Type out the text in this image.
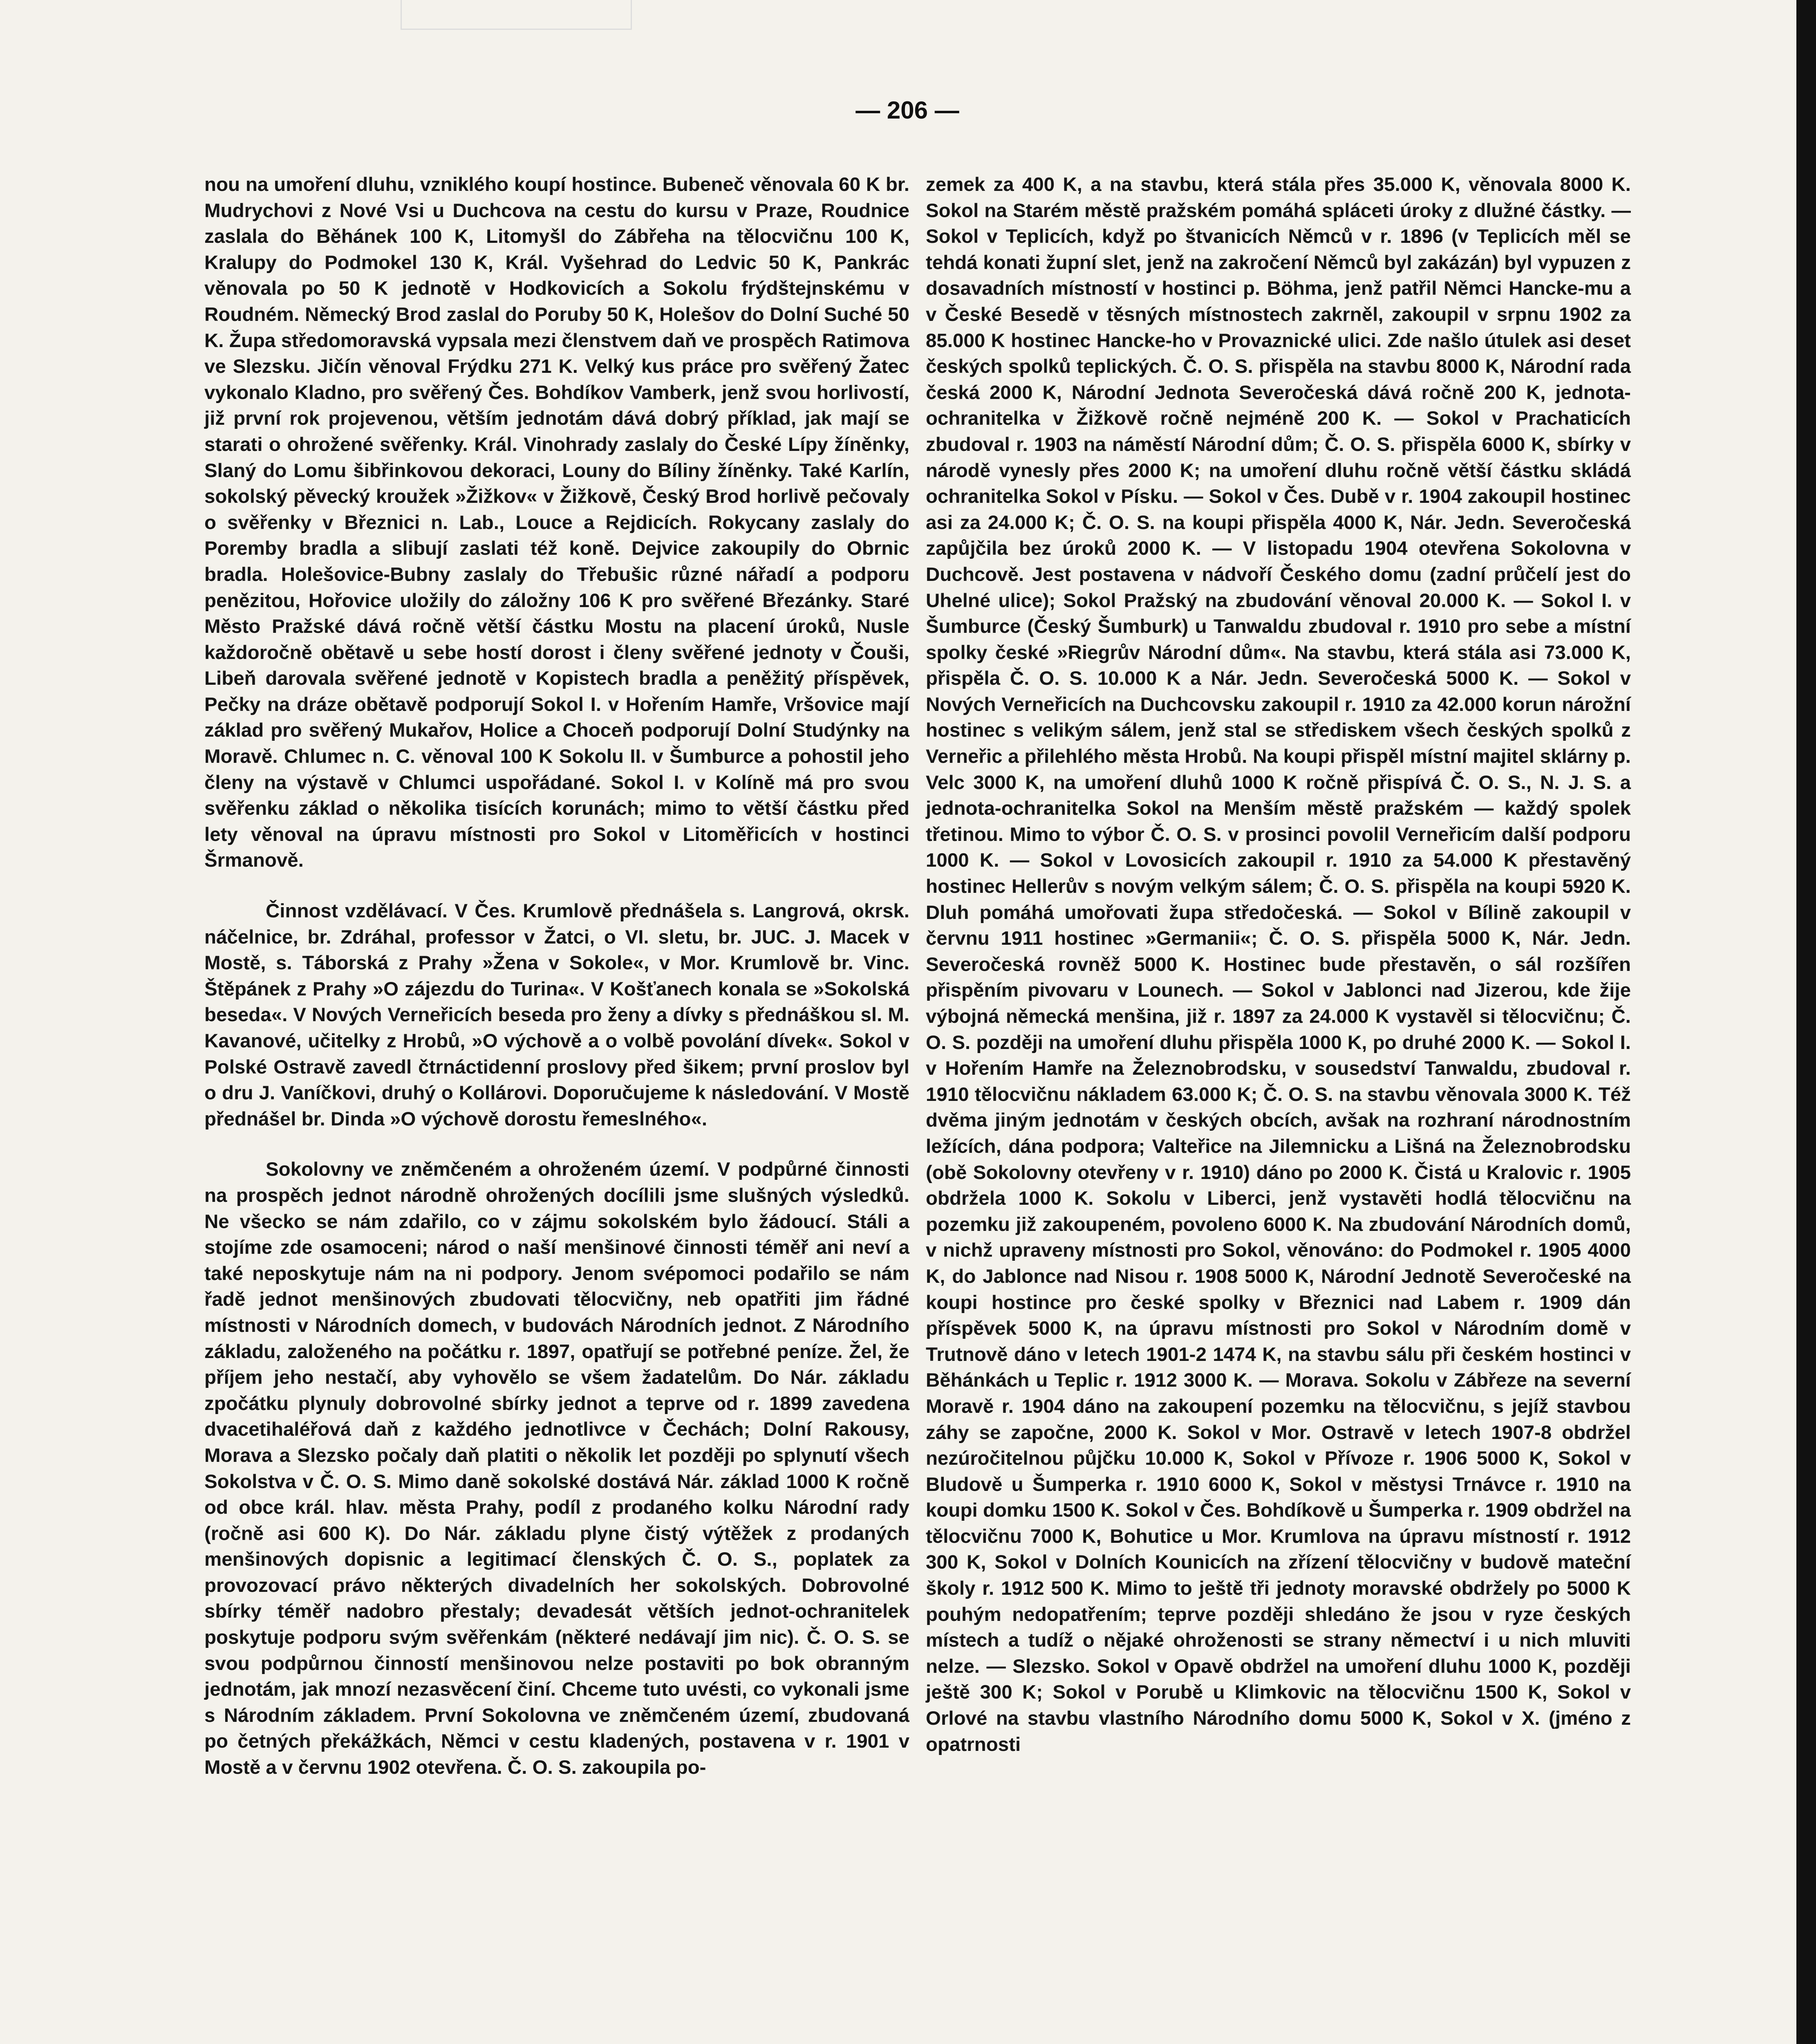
— 206 —

nou na umoření dluhu, vzniklého koupí hostince. Bubeneč věnovala 60 K br. Mudrychovi z Nové Vsi u Duchcova na cestu do kursu v Praze, Roudnice zaslala do Běhánek 100 K, Litomyšl do Zábřeha na tělocvičnu 100 K, Kralupy do Podmokel 130 K, Král. Vyšehrad do Ledvic 50 K, Pankrác věnovala po 50 K jednotě v Hodkovicích a Sokolu frýdštejnskému v Roudném. Německý Brod zaslal do Poruby 50 K, Holešov do Dolní Suché 50 K. Župa středomoravská vypsala mezi členstvem daň ve prospěch Ratimova ve Slezsku. Jičín věnoval Frýdku 271 K. Velký kus práce pro svěřený Žatec vykonalo Kladno, pro svěřený Čes. Bohdíkov Vamberk, jenž svou horlivostí, již první rok projevenou, větším jednotám dává dobrý příklad, jak mají se starati o ohrožené svěřenky. Král. Vinohrady zaslaly do České Lípy žíněnky, Slaný do Lomu šibřinkovou dekoraci, Louny do Bíliny žíněnky. Také Karlín, sokolský pěvecký kroužek »Žižkov« v Žižkově, Český Brod horlivě pečovaly o svěřenky v Březnici n. Lab., Louce a Rejdicích. Rokycany zaslaly do Poremby bradla a slibují zaslati též koně. Dejvice zakoupily do Obrnic bradla. Holešovice-Bubny zaslaly do Třebušic různé nářadí a podporu penězitou, Hořovice uložily do záložny 106 K pro svěřené Březánky. Staré Město Pražské dává ročně větší částku Mostu na placení úroků, Nusle každoročně obětavě u sebe hostí dorost i členy svěřené jednoty v Čouši, Libeň darovala svěřené jednotě v Kopistech bradla a peněžitý příspěvek, Pečky na dráze obětavě podporují Sokol I. v Hořením Hamře, Vršovice mají základ pro svěřený Mukařov, Holice a Choceň podporují Dolní Studýnky na Moravě. Chlumec n. C. věnoval 100 K Sokolu II. v Šumburce a pohostil jeho členy na výstavě v Chlumci uspořádané. Sokol I. v Kolíně má pro svou svěřenku základ o několika tisících korunách; mimo to větší částku před lety věnoval na úpravu místnosti pro Sokol v Litoměřicích v hostinci Šrmanově.

Činnost vzdělávací. V Čes. Krumlově přednášela s. Langrová, okrsk. náčelnice, br. Zdráhal, professor v Žatci, o VI. sletu, br. JUC. J. Macek v Mostě, s. Táborská z Prahy »Žena v Sokole«, v Mor. Krumlově br. Vinc. Štěpánek z Prahy »O zájezdu do Turina«. V Košťanech konala se »Sokolská beseda«. V Nových Verneřicích beseda pro ženy a dívky s přednáškou sl. M. Kavanové, učitelky z Hrobů, »O výchově a o volbě povolání dívek«. Sokol v Polské Ostravě zavedl čtrnáctidenní proslovy před šikem; první proslov byl o dru J. Vaníčkovi, druhý o Kollárovi. Doporučujeme k následování. V Mostě přednášel br. Dinda »O výchově dorostu řemeslného«.

Sokolovny ve zněmčeném a ohroženém území. V podpůrné činnosti na prospěch jednot národně ohrožených docílili jsme slušných výsledků. Ne všecko se nám zdařilo, co v zájmu sokolském bylo žádoucí. Stáli a stojíme zde osamoceni; národ o naší menšinové činnosti téměř ani neví a také neposkytuje nám na ni podpory. Jenom svépomoci podařilo se nám řadě jednot menšinových zbudovati tělocvičny, neb opatřiti jim řádné místnosti v Národních domech, v budovách Národních jednot. Z Národního základu, založeného na počátku r. 1897, opatřují se potřebné peníze. Žel, že příjem jeho nestačí, aby vyhovělo se všem žadatelům. Do Nár. základu zpočátku plynuly dobrovolné sbírky jednot a teprve od r. 1899 zavedena dvacetihaléřová daň z každého jednotlivce v Čechách; Dolní Rakousy, Morava a Slezsko počaly daň platiti o několik let později po splynutí všech Sokolstva v Č. O. S. Mimo daně sokolské dostává Nár. základ 1000 K ročně od obce král. hlav. města Prahy, podíl z prodaného kolku Národní rady (ročně asi 600 K). Do Nár. základu plyne čistý výtěžek z prodaných menšinových dopisnic a legitimací členských Č. O. S., poplatek za provozovací právo některých divadelních her sokolských. Dobrovolné sbírky téměř nadobro přestaly; devadesát větších jednot-ochranitelek poskytuje podporu svým svěřenkám (některé nedávají jim nic). Č. O. S. se svou podpůrnou činností menšinovou nelze postaviti po bok obranným jednotám, jak mnozí nezasvěcení činí. Chceme tuto uvésti, co vykonali jsme s Národním základem. První Sokolovna ve zněmčeném území, zbudovaná po četných překážkách, Němci v cestu kladených, postavena v r. 1901 v Mostě a v červnu 1902 otevřena. Č. O. S. zakoupila po-

zemek za 400 K, a na stavbu, která stála přes 35.000 K, věnovala 8000 K. Sokol na Starém městě pražském pomáhá spláceti úroky z dlužné částky. — Sokol v Teplicích, když po štvanicích Němců v r. 1896 (v Teplicích měl se tehdá konati župní slet, jenž na zakročení Němců byl zakázán) byl vypuzen z dosavadních místností v hostinci p. Böhma, jenž patřil Němci Hancke-mu a v České Besedě v těsných místnostech zakrněl, zakoupil v srpnu 1902 za 85.000 K hostinec Hancke-ho v Provaznické ulici. Zde našlo útulek asi deset českých spolků teplických. Č. O. S. přispěla na stavbu 8000 K, Národní rada česká 2000 K, Národní Jednota Severočeská dává ročně 200 K, jednota-ochranitelka v Žižkově ročně nejméně 200 K. — Sokol v Prachaticích zbudoval r. 1903 na náměstí Národní dům; Č. O. S. přispěla 6000 K, sbírky v národě vynesly přes 2000 K; na umoření dluhu ročně větší částku skládá ochranitelka Sokol v Písku. — Sokol v Čes. Dubě v r. 1904 zakoupil hostinec asi za 24.000 K; Č. O. S. na koupi přispěla 4000 K, Nár. Jedn. Severočeská zapůjčila bez úroků 2000 K. — V listopadu 1904 otevřena Sokolovna v Duchcově. Jest postavena v nádvoří Českého domu (zadní průčelí jest do Uhelné ulice); Sokol Pražský na zbudování věnoval 20.000 K. — Sokol I. v Šumburce (Český Šumburk) u Tanwaldu zbudoval r. 1910 pro sebe a místní spolky české »Riegrův Národní dům«. Na stavbu, která stála asi 73.000 K, přispěla Č. O. S. 10.000 K a Nár. Jedn. Severočeská 5000 K. — Sokol v Nových Verneřicích na Duchcovsku zakoupil r. 1910 za 42.000 korun nárožní hostinec s velikým sálem, jenž stal se střediskem všech českých spolků z Verneřic a přilehlého města Hrobů. Na koupi přispěl místní majitel sklárny p. Velc 3000 K, na umoření dluhů 1000 K ročně přispívá Č. O. S., N. J. S. a jednota-ochranitelka Sokol na Menším městě pražském — každý spolek třetinou. Mimo to výbor Č. O. S. v prosinci povolil Verneřicím další podporu 1000 K. — Sokol v Lovosicích zakoupil r. 1910 za 54.000 K přestavěný hostinec Hellerův s novým velkým sálem; Č. O. S. přispěla na koupi 5920 K. Dluh pomáhá umořovati župa středočeská. — Sokol v Bílině zakoupil v červnu 1911 hostinec »Germanii«; Č. O. S. přispěla 5000 K, Nár. Jedn. Severočeská rovněž 5000 K. Hostinec bude přestavěn, o sál rozšířen přispěním pivovaru v Lounech. — Sokol v Jablonci nad Jizerou, kde žije výbojná německá menšina, již r. 1897 za 24.000 K vystavěl si tělocvičnu; Č. O. S. později na umoření dluhu přispěla 1000 K, po druhé 2000 K. — Sokol I. v Hořením Hamře na Železnobrodsku, v sousedství Tanwaldu, zbudoval r. 1910 tělocvičnu nákladem 63.000 K; Č. O. S. na stavbu věnovala 3000 K. Též dvěma jiným jednotám v českých obcích, avšak na rozhraní národnostním ležících, dána podpora; Valteřice na Jilemnicku a Lišná na Železnobrodsku (obě Sokolovny otevřeny v r. 1910) dáno po 2000 K. Čistá u Kralovic r. 1905 obdržela 1000 K. Sokolu v Liberci, jenž vystavěti hodlá tělocvičnu na pozemku již zakoupeném, povoleno 6000 K. Na zbudování Národních domů, v nichž upraveny místnosti pro Sokol, věnováno: do Podmokel r. 1905 4000 K, do Jablonce nad Nisou r. 1908 5000 K, Národní Jednotě Severočeské na koupi hostince pro české spolky v Březnici nad Labem r. 1909 dán příspěvek 5000 K, na úpravu místnosti pro Sokol v Národním domě v Trutnově dáno v letech 1901-2 1474 K, na stavbu sálu při českém hostinci v Běhánkách u Teplic r. 1912 3000 K. — Morava. Sokolu v Zábřeze na severní Moravě r. 1904 dáno na zakoupení pozemku na tělocvičnu, s jejíž stavbou záhy se započne, 2000 K. Sokol v Mor. Ostravě v letech 1907-8 obdržel nezúročitelnou půjčku 10.000 K, Sokol v Přívoze r. 1906 5000 K, Sokol v Bludově u Šumperka r. 1910 6000 K, Sokol v městysi Trnávce r. 1910 na koupi domku 1500 K. Sokol v Čes. Bohdíkově u Šumperka r. 1909 obdržel na tělocvičnu 7000 K, Bohutice u Mor. Krumlova na úpravu místností r. 1912 300 K, Sokol v Dolních Kounicích na zřízení tělocvičny v budově mateční školy r. 1912 500 K. Mimo to ještě tři jednoty moravské obdržely po 5000 K pouhým nedopatřením; teprve později shledáno že jsou v ryze českých místech a tudíž o nějaké ohroženosti se strany němectví i u nich mluviti nelze. — Slezsko. Sokol v Opavě obdržel na umoření dluhu 1000 K, později ještě 300 K; Sokol v Porubě u Klimkovic na tělocvičnu 1500 K, Sokol v Orlové na stavbu vlastního Národního domu 5000 K, Sokol v X. (jméno z opatrnosti
